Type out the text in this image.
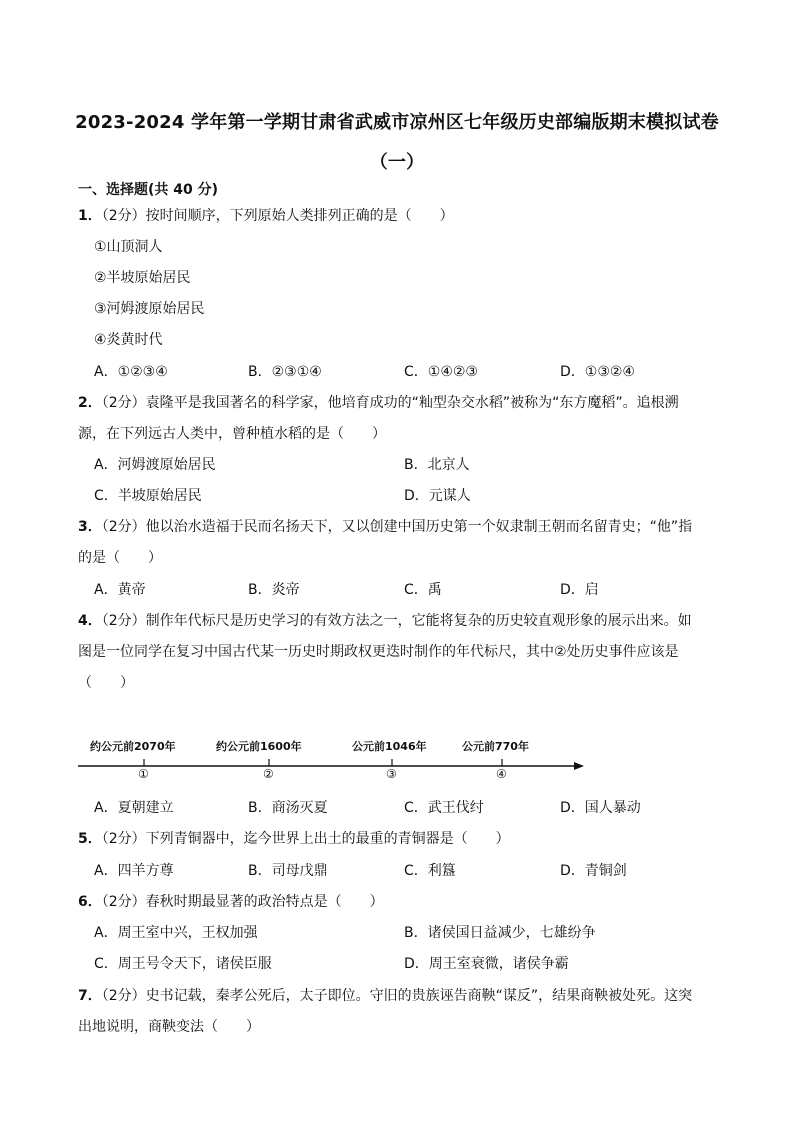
2023-2024 学年第一学期甘肃省武威市凉州区七年级历史部编版期末模拟试卷
（一）
一、选择题(共 40 分)
1．（2分）按时间顺序，下列原始人类排列正确的是（　　）
①山顶洞人
②半坡原始居民
③河姆渡原始居民
④炎黄时代
A．①②③④	B．②③①④	C．①④②③	D．①③②④
2．（2分）袁隆平是我国著名的科学家，他培育成功的“籼型杂交水稻”被称为“东方魔稻”。追根溯
源，在下列远古人类中，曾种植水稻的是（　　）
A．河姆渡原始居民	B．北京人
C．半坡原始居民	D．元谋人
3．（2分）他以治水造福于民而名扬天下，又以创建中国历史第一个奴隶制王朝而名留青史；“他”指
的是（　　）
A．黄帝	B．炎帝	C．禹	D．启
4．（2分）制作年代标尺是历史学习的有效方法之一，它能将复杂的历史较直观形象的展示出来。如
图是一位同学在复习中国古代某一历史时期政权更迭时制作的年代标尺，其中②处历史事件应该是
（　　）
约公元前2070年	约公元前1600年	公元前1046年	公元前770年
①	②	③	④
A．夏朝建立	B．商汤灭夏	C．武王伐纣	D．国人暴动
5．（2分）下列青铜器中，迄今世界上出土的最重的青铜器是（　　）
A．四羊方尊	B．司母戊鼎	C．利簋	D．青铜剑
6．（2分）春秋时期最显著的政治特点是（　　）
A．周王室中兴，王权加强	B．诸侯国日益减少，七雄纷争
C．周王号令天下，诸侯臣服	D．周王室衰微，诸侯争霸
7．（2分）史书记载，秦孝公死后，太子即位。守旧的贵族诬告商鞅“谋反”，结果商鞅被处死。这突
出地说明，商鞅变法（　　）
